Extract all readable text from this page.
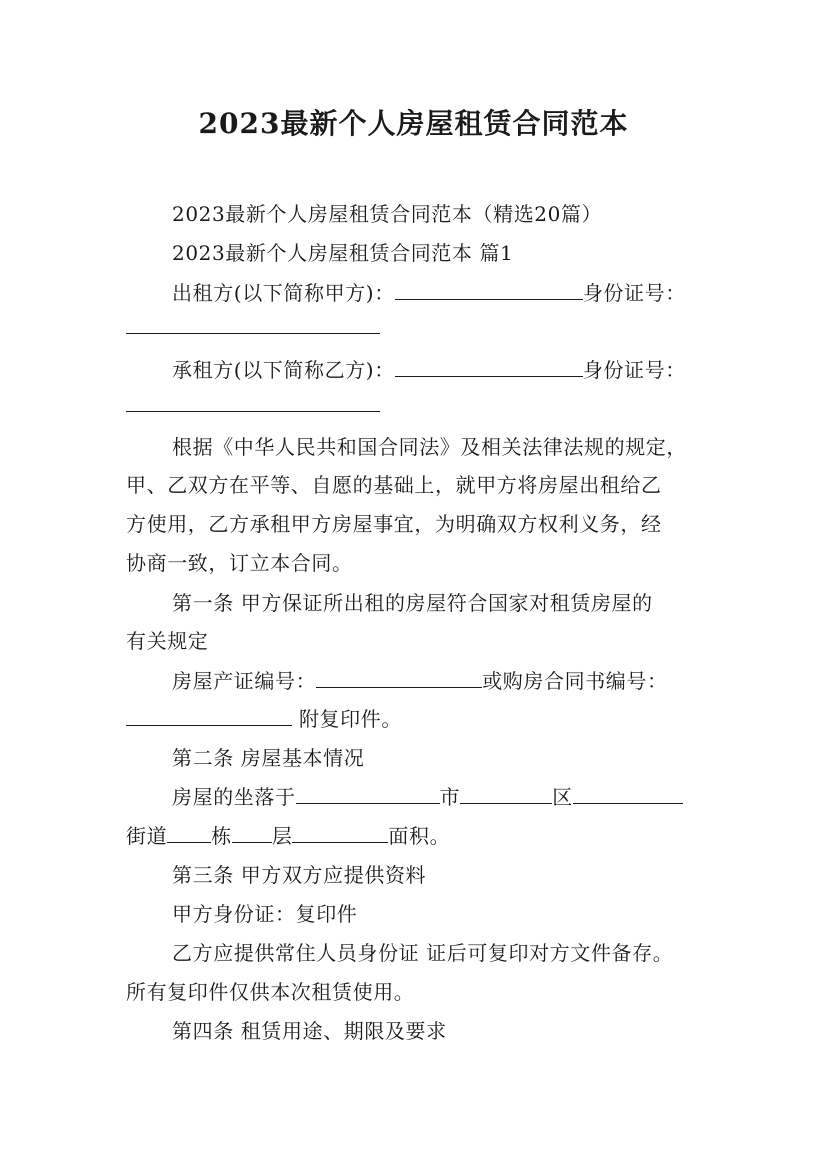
2023最新个人房屋租赁合同范本
2023最新个人房屋租赁合同范本（精选20篇）
2023最新个人房屋租赁合同范本 篇1
出租方(以下简称甲方)：	身份证号：
承租方(以下简称乙方)：	身份证号：
根据《中华人民共和国合同法》及相关法律法规的规定，
甲、乙双方在平等、自愿的基础上，就甲方将房屋出租给乙
方使用，乙方承租甲方房屋事宜，为明确双方权利义务，经
协商一致，订立本合同。
第一条 甲方保证所出租的房屋符合国家对租赁房屋的
有关规定
房屋产证编号：	或购房合同书编号：
附复印件。
第二条 房屋基本情况
房屋的坐落于	市	区
街道 栋 层	面积。
第三条 甲方双方应提供资料
甲方身份证：复印件
乙方应提供常住人员身份证 证后可复印对方文件备存。
所有复印件仅供本次租赁使用。
第四条 租赁用途、期限及要求
